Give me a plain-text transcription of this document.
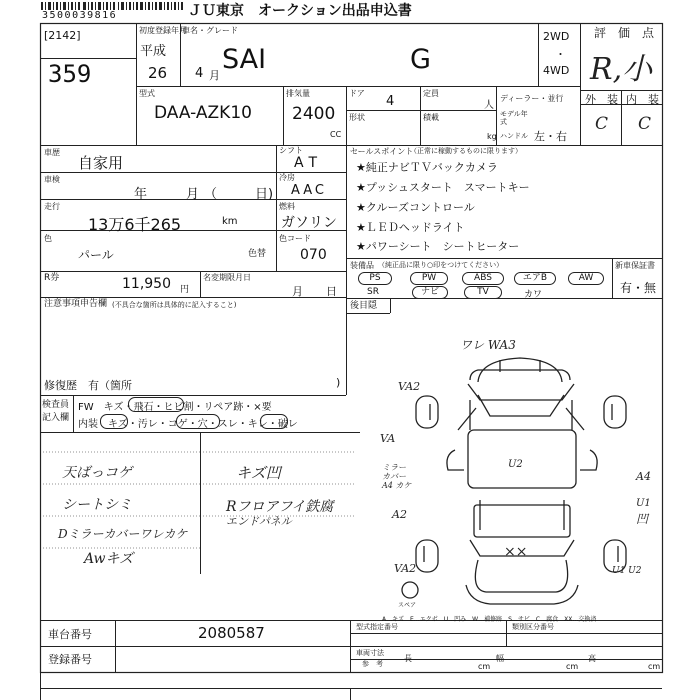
3500039816	ＪＵ東京　オークション出品申込書
[2142]
359
初度登録年月
平成
26 4 月
車名・グレード
SAI	G
2WD
・
4WD
評　価　点
R,小
外　装 内　装
C C
型式
DAA-AZK10
排気量
2400
CC
ドア
4
定員
人
形状	積載
kg
ディーラー・並行
モデル年式
ハンドル 左・右
車歴
自家用
シフト
AT
車検
年	月 （	日)
冷房
AAC
走行
13万6千265	km
燃料
ガソリン
色
パール	色替
色コード
070
R券	11,950 円
名変期限月日
月 日
注意事項申告欄 (不具合な箇所は具体的に記入すること)
修復歴　有（箇所	)
セールスポイント
（正常に稼動するものに限ります）
★純正ナビＴＶバックカメラ
★プッシュスタート　スマートキー
★クルーズコントロール
★ＬＥＤヘッドライト
★パワーシート　シートヒーター
装備品 （純正品に限り○印をつけてください）
PS	PW	ABS	エアB	AW
SR	ナビ	TV	カワ
新車保証書
有・無
後目隠
検査員
記入欄
FW　キズ・飛石・ヒビ割・リペア跡・×要
内装　キズ・汚レ・コゲ・穴・スレ・キレ・破レ
天ばっコゲ
シートシミ
Dミラーカバーワレカケ
Awキズ
キズ凹
Rフロアフイ鉄腐
エンドパネル
ワレ WA3
VA2
VA
ミラー
カバー A4 カケ
A2
U2
A4
U1
凹
VA2	U1 U2
××
スペア
A…キズ　E…エクボ　U…凹み　W…補修跡　S…サビ　C…腐食　XX…交換済
車台番号	2080587
登録番号
型式指定番号	類別区分番号
車両寸法
参　考
長
cm
幅
cm
高
cm
